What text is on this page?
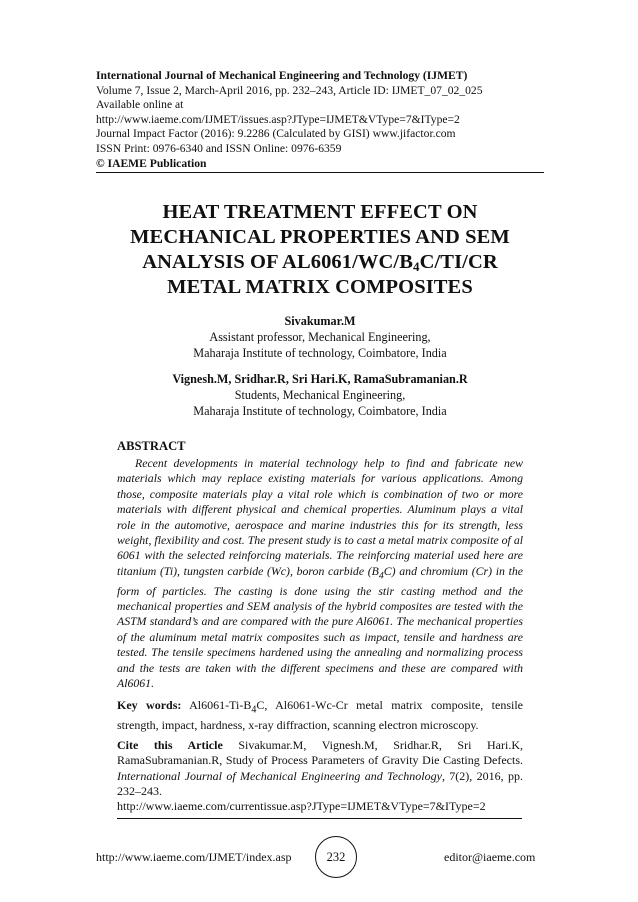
International Journal of Mechanical Engineering and Technology (IJMET)
Volume 7, Issue 2, March-April 2016, pp. 232–243, Article ID: IJMET_07_02_025
Available online at
http://www.iaeme.com/IJMET/issues.asp?JType=IJMET&VType=7&IType=2
Journal Impact Factor (2016): 9.2286 (Calculated by GISI) www.jifactor.com
ISSN Print: 0976-6340 and ISSN Online: 0976-6359
© IAEME Publication
HEAT TREATMENT EFFECT ON
MECHANICAL PROPERTIES AND SEM
ANALYSIS OF $AL6061/WC/B_4C/TI/CR$
METAL MATRIX COMPOSITES
Sivakumar.M
Assistant professor, Mechanical Engineering,
Maharaja Institute of technology, Coimbatore, India
Vignesh.M, Sridhar.R, Sri Hari.K, RamaSubramanian.R
Students, Mechanical Engineering,
Maharaja Institute of technology, Coimbatore, India
ABSTRACT
Recent developments in material technology help to find and fabricate new materials which may replace existing materials for various applications. Among those, composite materials play a vital role which is combination of two or more materials with different physical and chemical properties. Aluminum plays a vital role in the automotive, aerospace and marine industries this for its strength, less weight, flexibility and cost. The present study is to cast a metal matrix composite of al 6061 with the selected reinforcing materials. The reinforcing material used here are titanium (Ti), tungsten carbide (Wc), boron carbide $(B_4C)$ and chromium (Cr) in the form of particles. The casting is done using the stir casting method and the mechanical properties and SEM analysis of the hybrid composites are tested with the ASTM standard’s and are compared with the pure Al6061. The mechanical properties of the aluminum metal matrix composites such as impact, tensile and hardness are tested. The tensile specimens hardened using the annealing and normalizing process and the tests are taken with the different specimens and these are compared with Al6061.
Key words: $Al6061-Ti-B_4C$, Al6061-Wc-Cr metal matrix composite, tensile strength, impact, hardness, x-ray diffraction, scanning electron microscopy.
Cite this Article Sivakumar.M, Vignesh.M, Sridhar.R, Sri Hari.K, RamaSubramanian.R, Study of Process Parameters of Gravity Die Casting Defects. International Journal of Mechanical Engineering and Technology, 7(2), 2016, pp. 232–243.
http://www.iaeme.com/currentissue.asp?JType=IJMET&VType=7&IType=2
http://www.iaeme.com/IJMET/index.asp	232	editor@iaeme.com
